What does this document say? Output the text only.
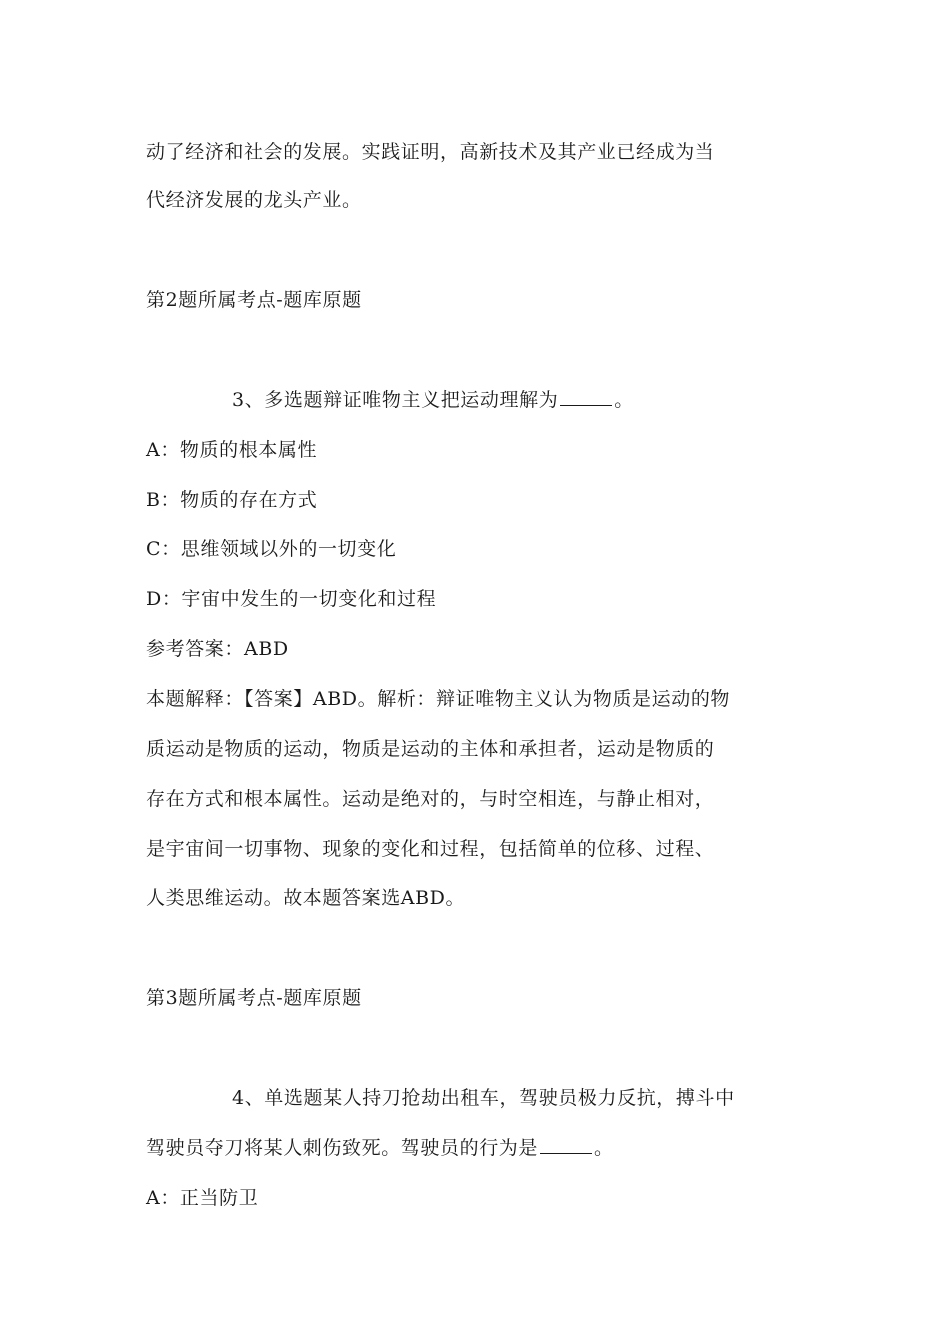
动了经济和社会的发展。实践证明，高新技术及其产业已经成为当
代经济发展的龙头产业。
第2题所属考点-题库原题
3、多选题辩证唯物主义把运动理解为	。
A：物质的根本属性
B：物质的存在方式
C：思维领域以外的一切变化
D：宇宙中发生的一切变化和过程
参考答案：ABD
本题解释：【答案】ABD。解析：辩证唯物主义认为物质是运动的物
质运动是物质的运动，物质是运动的主体和承担者，运动是物质的
存在方式和根本属性。运动是绝对的，与时空相连，与静止相对，
是宇宙间一切事物、现象的变化和过程，包括简单的位移、过程、
人类思维运动。故本题答案选ABD。
第3题所属考点-题库原题
4、单选题某人持刀抢劫出租车，驾驶员极力反抗，搏斗中
驾驶员夺刀将某人刺伤致死。驾驶员的行为是	。
A：正当防卫
